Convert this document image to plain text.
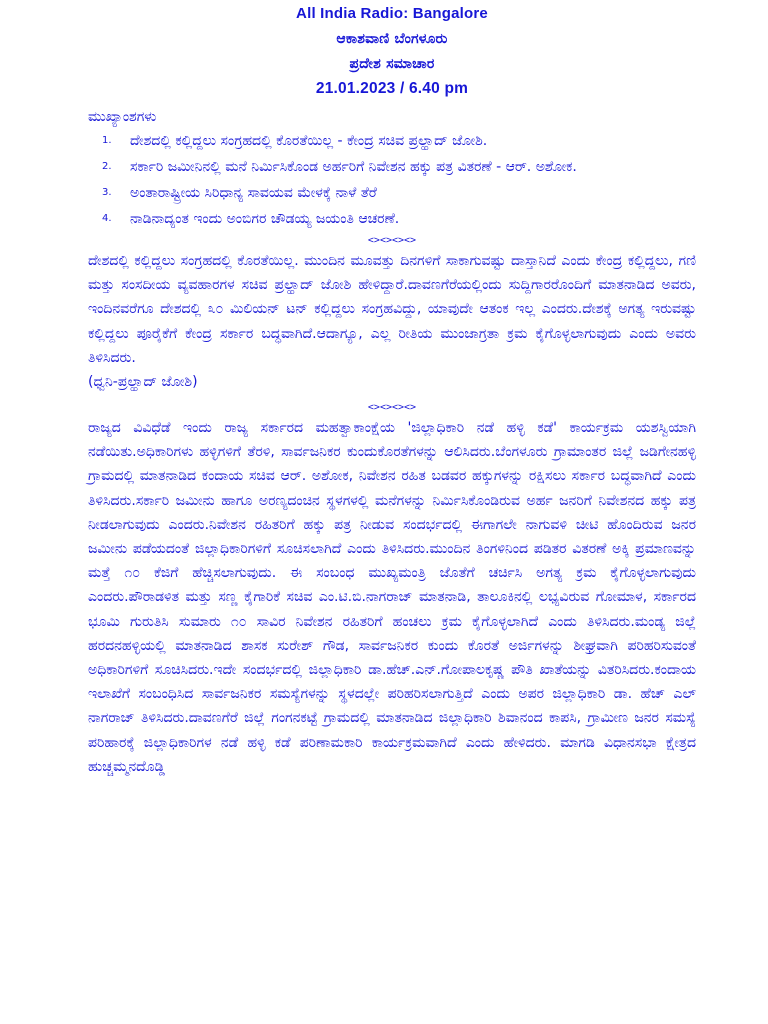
All India Radio: Bangalore
ಆಕಾಶವಾಣಿ ಬೆಂಗಳೂರು
ಪ್ರದೇಶ ಸಮಾಚಾರ
21.01.2023 / 6.40 pm
ಮುಖ್ಯಾಂಶಗಳು
ದೇಶದಲ್ಲಿ ಕಲ್ಲಿದ್ದಲು ಸಂಗ್ರಹದಲ್ಲಿ ಕೊರತೆಯಿಲ್ಲ - ಕೇಂದ್ರ ಸಚಿವ ಪ್ರಲ್ಹಾದ್ ಜೋಶಿ.
ಸರ್ಕಾರಿ ಜಮೀನಿನಲ್ಲಿ ಮನೆ ನಿರ್ಮಿಸಿಕೊಂಡ ಅರ್ಹರಿಗೆ ನಿವೇಶನ ಹಕ್ಕು ಪತ್ರ ವಿತರಣೆ - ಆರ್. ಅಶೋಕ.
ಅಂತಾರಾಷ್ಟ್ರೀಯ ಸಿರಿಧಾನ್ಯ ಸಾವಯವ ಮೇಳಕ್ಕೆ ನಾಳೆ ತೆರೆ
ನಾಡಿನಾದ್ಯಂತ ಇಂದು ಅಂಬಿಗರ ಚೌಡಯ್ಯ ಜಯಂತಿ ಆಚರಣೆ.
<><><><>

ದೇಶದಲ್ಲಿ ಕಲ್ಲಿದ್ದಲು ಸಂಗ್ರಹದಲ್ಲಿ ಕೊರತೆಯಿಲ್ಲ. ಮುಂದಿನ ಮೂವತ್ತು ದಿನಗಳಿಗೆ ಸಾಕಾಗುವಷ್ಟು ದಾಸ್ತಾನಿದೆ ಎಂದು ಕೇಂದ್ರ ಕಲ್ಲಿದ್ದಲು, ಗಣಿ ಮತ್ತು ಸಂಸದೀಯ ವ್ಯವಹಾರಗಳ ಸಚಿವ ಪ್ರಲ್ಹಾದ್ ಜೋಶಿ ಹೇಳಿದ್ದಾರೆ.ದಾವಣಗೆರೆಯಲ್ಲಿಂದು ಸುದ್ದಿಗಾರರೊಂದಿಗೆ ಮಾತನಾಡಿದ ಅವರು, ಇಂದಿನವರೆಗೂ ದೇಶದಲ್ಲಿ ೩೦ ಮಿಲಿಯನ್ ಟನ್ ಕಲ್ಲಿದ್ದಲು ಸಂಗ್ರಹವಿದ್ದು, ಯಾವುದೇ ಆತಂಕ ಇಲ್ಲ ಎಂದರು.ದೇಶಕ್ಕೆ ಅಗತ್ಯ ಇರುವಷ್ಟು ಕಲ್ಲಿದ್ದಲು ಪೂರೈಕೆಗೆ ಕೇಂದ್ರ ಸರ್ಕಾರ ಬದ್ಧವಾಗಿದೆ.ಆದಾಗ್ಯೂ, ಎಲ್ಲ ರೀತಿಯ ಮುಂಜಾಗ್ರತಾ ಕ್ರಮ ಕೈಗೊಳ್ಳಲಾಗುವುದು ಎಂದು ಅವರು ತಿಳಿಸಿದರು.

(ಧ್ವನಿ-ಪ್ರಲ್ಹಾದ್ ಜೋಶಿ)
<><><><>

ರಾಜ್ಯದ ವಿವಿಧೆಡೆ ಇಂದು ರಾಜ್ಯ ಸರ್ಕಾರದ ಮಹತ್ವಾಕಾಂಕ್ಷೆಯ 'ಜಿಲ್ಲಾಧಿಕಾರಿ ನಡೆ ಹಳ್ಳಿ ಕಡೆ' ಕಾರ್ಯಕ್ರಮ ಯಶಸ್ವಿಯಾಗಿ ನಡೆಯಿತು.ಅಧಿಕಾರಿಗಳು ಹಳ್ಳಿಗಳಿಗೆ ತೆರಳಿ, ಸಾರ್ವಜನಿಕರ ಕುಂದುಕೊರತೆಗಳನ್ನು ಆಲಿಸಿದರು.ಬೆಂಗಳೂರು ಗ್ರಾಮಾಂತರ ಜಿಲ್ಲೆ ಜಡಿಗೇನಹಳ್ಳಿ ಗ್ರಾಮದಲ್ಲಿ ಮಾತನಾಡಿದ ಕಂದಾಯ ಸಚಿವ ಆರ್. ಅಶೋಕ, ನಿವೇಶನ ರಹಿತ ಬಡವರ ಹಕ್ಕುಗಳನ್ನು ರಕ್ಷಿಸಲು ಸರ್ಕಾರ ಬದ್ಧವಾಗಿದೆ ಎಂದು ತಿಳಿಸಿದರು.ಸರ್ಕಾರಿ ಜಮೀನು ಹಾಗೂ ಅರಣ್ಯದಂಚಿನ ಸ್ಥಳಗಳಲ್ಲಿ ಮನೆಗಳನ್ನು ನಿರ್ಮಿಸಿಕೊಂಡಿರುವ ಅರ್ಹ ಜನರಿಗೆ ನಿವೇಶನದ ಹಕ್ಕು ಪತ್ರ ನೀಡಲಾಗುವುದು ಎಂದರು.ನಿವೇಶನ ರಹಿತರಿಗೆ ಹಕ್ಕು ಪತ್ರ ನೀಡುವ ಸಂದರ್ಭದಲ್ಲಿ ಈಗಾಗಲೇ ನಾಗುವಳಿ ಚೀಟಿ ಹೊಂದಿರುವ ಜನರ ಜಮೀನು ಪಡೆಯದಂತೆ ಜಿಲ್ಲಾಧಿಕಾರಿಗಳಿಗೆ ಸೂಚಿಸಲಾಗಿದೆ ಎಂದು ತಿಳಿಸಿದರು.ಮುಂದಿನ ತಿಂಗಳಿನಿಂದ ಪಡಿತರ ವಿತರಣೆ ಅಕ್ಕಿ ಪ್ರಮಾಣವನ್ನು ಮತ್ತೆ ೧೦ ಕೆಜಿಗೆ ಹೆಚ್ಚಿಸಲಾಗುವುದು. ಈ ಸಂಬಂಧ ಮುಖ್ಯಮಂತ್ರಿ ಜೊತೆಗೆ ಚರ್ಚಿಸಿ ಅಗತ್ಯ ಕ್ರಮ ಕೈಗೊಳ್ಳಲಾಗುವುದು ಎಂದರು.ಪೌರಾಡಳಿತ ಮತ್ತು ಸಣ್ಣ ಕೈಗಾರಿಕೆ ಸಚಿವ ಎಂ.ಟಿ.ಬಿ.ನಾಗರಾಜ್ ಮಾತನಾಡಿ, ತಾಲೂಕಿನಲ್ಲಿ ಲಭ್ಯವಿರುವ ಗೋಮಾಳ, ಸರ್ಕಾರದ ಭೂಮಿ ಗುರುತಿಸಿ ಸುಮಾರು ೧೦ ಸಾವಿರ ನಿವೇಶನ ರಹಿತರಿಗೆ ಹಂಚಲು ಕ್ರಮ ಕೈಗೊಳ್ಳಲಾಗಿದೆ ಎಂದು ತಿಳಿಸಿದರು.ಮಂಡ್ಯ ಜಿಲ್ಲೆ ಹರದನಹಳ್ಳಿಯಲ್ಲಿ ಮಾತನಾಡಿದ ಶಾಸಕ ಸುರೇಶ್ ಗೌಡ, ಸಾರ್ವಜನಿಕರ ಕುಂದು ಕೊರತೆ ಅರ್ಜಿಗಳನ್ನು ಶೀಘ್ರವಾಗಿ ಪರಿಹರಿಸುವಂತೆ ಅಧಿಕಾರಿಗಳಿಗೆ ಸೂಚಿಸಿದರು.ಇದೇ ಸಂದರ್ಭದಲ್ಲಿ ಜಿಲ್ಲಾಧಿಕಾರಿ ಡಾ.ಹೆಚ್.ಎನ್.ಗೋಪಾಲಕೃಷ್ಣ ಪೌತಿ ಖಾತೆಯನ್ನು ವಿತರಿಸಿದರು.ಕಂದಾಯ ಇಲಾಖೆಗೆ ಸಂಬಂಧಿಸಿದ ಸಾರ್ವಜನಿಕರ ಸಮಸ್ಯೆಗಳನ್ನು ಸ್ಥಳದಲ್ಲೇ ಪರಿಹರಿಸಲಾಗುತ್ತಿದೆ ಎಂದು ಅಪರ ಜಿಲ್ಲಾಧಿಕಾರಿ ಡಾ. ಹೆಚ್ ಎಲ್ ನಾಗರಾಜ್ ತಿಳಿಸಿದರು.ದಾವಣಗೆರೆ ಜಿಲ್ಲೆ ಗಂಗನಕಟ್ಟೆ ಗ್ರಾಮದಲ್ಲಿ ಮಾತನಾಡಿದ ಜಿಲ್ಲಾಧಿಕಾರಿ ಶಿವಾನಂದ ಕಾಪಸಿ, ಗ್ರಾಮೀಣ ಜನರ ಸಮಸ್ಯೆ ಪರಿಹಾರಕ್ಕೆ ಜಿಲ್ಲಾಧಿಕಾರಿಗಳ ನಡೆ ಹಳ್ಳಿ ಕಡೆ ಪರಿಣಾಮಕಾರಿ ಕಾರ್ಯಕ್ರಮವಾಗಿದೆ ಎಂದು ಹೇಳಿದರು. ಮಾಗಡಿ ವಿಧಾನಸಭಾ ಕ್ಷೇತ್ರದ ಹುಚ್ಚಮ್ಮನದೊಡ್ಡಿ
